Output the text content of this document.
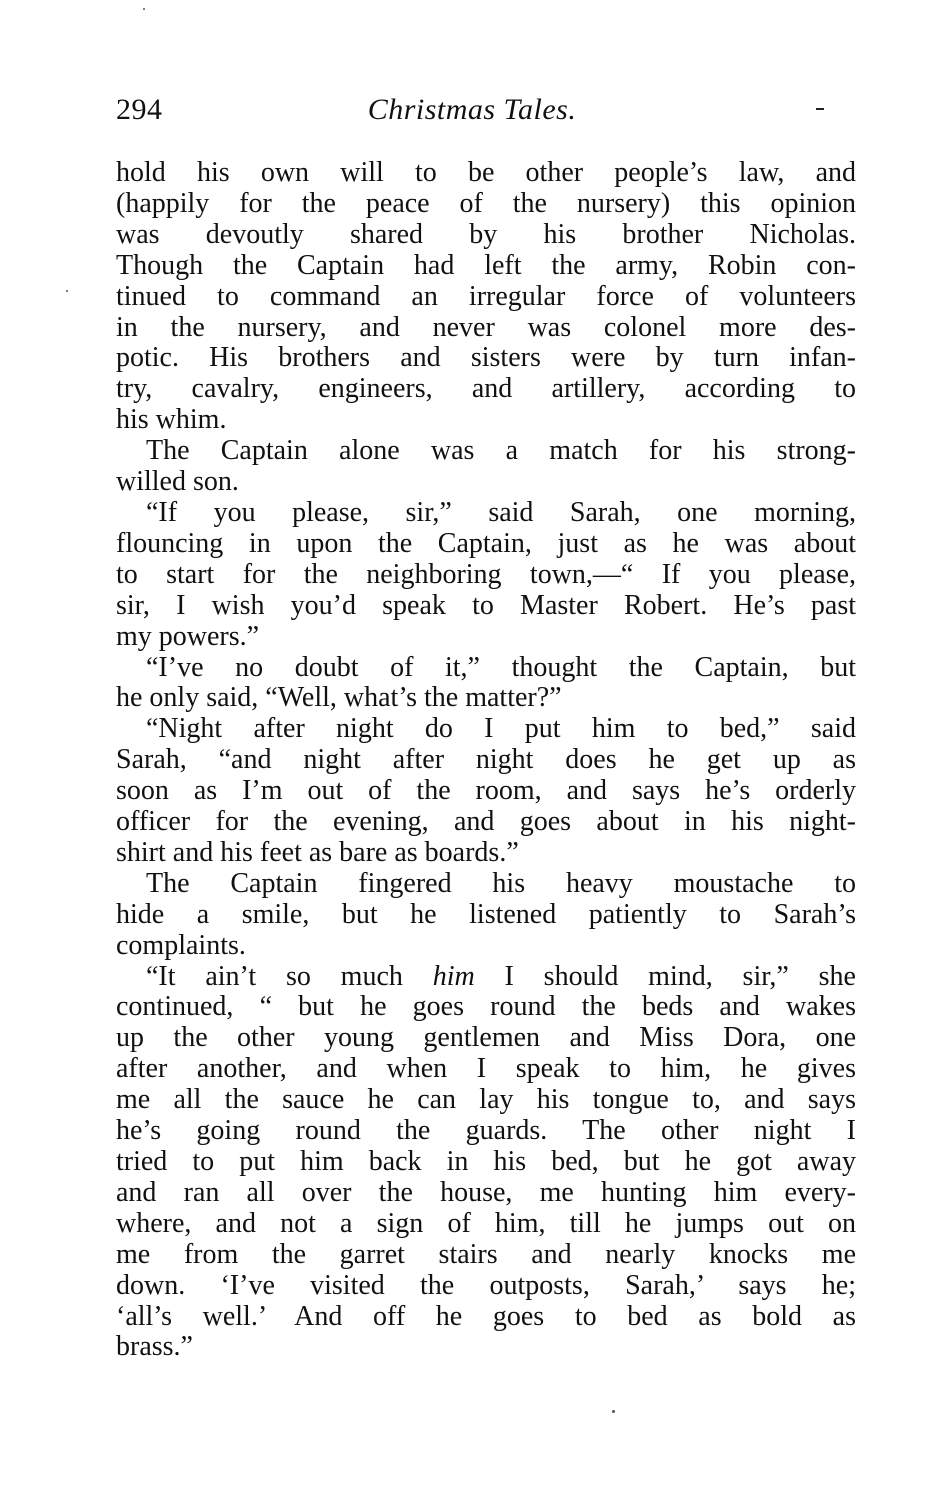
294	Christmas Tales.

hold his own will to be other people’s law, and
(happily for the peace of the nursery) this opinion
was devoutly shared by his brother Nicholas.
Though the Captain had left the army, Robin con-
tinued to command an irregular force of volunteers
in the nursery, and never was colonel more des-
potic. His brothers and sisters were by turn infan-
try, cavalry, engineers, and artillery, according to
his whim.

The Captain alone was a match for his strong-
willed son.

“If you please, sir,” said Sarah, one morning,
flouncing in upon the Captain, just as he was about
to start for the neighboring town,—“ If you please,
sir, I wish you’d speak to Master Robert. He’s past
my powers.”

“I’ve no doubt of it,” thought the Captain, but
he only said, “Well, what’s the matter?”

“Night after night do I put him to bed,” said
Sarah, “and night after night does he get up as
soon as I’m out of the room, and says he’s orderly
officer for the evening, and goes about in his night-
shirt and his feet as bare as boards.”

The Captain fingered his heavy moustache to
hide a smile, but he listened patiently to Sarah’s
complaints.

“It ain’t so much him I should mind, sir,” she
continued, “ but he goes round the beds and wakes
up the other young gentlemen and Miss Dora, one
after another, and when I speak to him, he gives
me all the sauce he can lay his tongue to, and says
he’s going round the guards. The other night I
tried to put him back in his bed, but he got away
and ran all over the house, me hunting him every-
where, and not a sign of him, till he jumps out on
me from the garret stairs and nearly knocks me
down. ‘I’ve visited the outposts, Sarah,’ says he;
‘all’s well.’ And off he goes to bed as bold as
brass.”
